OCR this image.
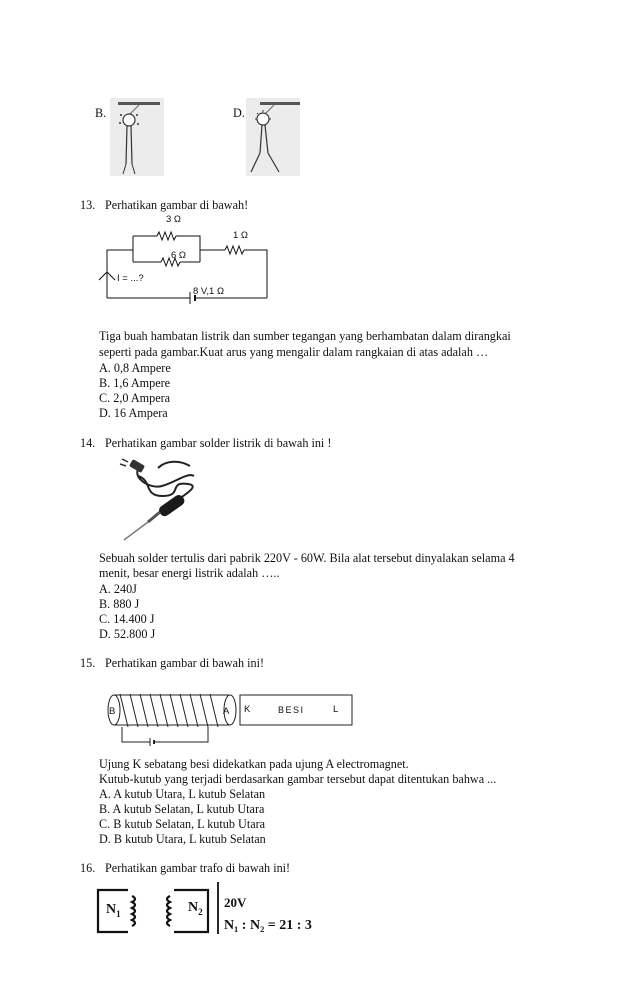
B.	D.
13. Perhatikan gambar di bawah!
3 Ω
6 Ω
1 Ω
I = ...?
8 V,1 Ω
Tiga buah hambatan listrik dan sumber tegangan yang berhambatan dalam dirangkai
seperti pada gambar.Kuat arus yang mengalir dalam rangkaian di atas adalah …
A. 0,8 Ampere
B. 1,6 Ampere
C. 2,0 Ampera
D. 16 Ampera
14. Perhatikan gambar solder listrik di bawah ini !
Sebuah solder tertulis dari pabrik 220V - 60W. Bila alat tersebut dinyalakan selama 4
menit, besar energi listrik adalah …..
A. 240J
B. 880 J
C. 14.400 J
D. 52.800 J
15. Perhatikan gambar di bawah ini!
B	A K	BESI	L
Ujung K sebatang besi didekatkan pada ujung A electromagnet.
Kutub-kutub yang terjadi berdasarkan gambar tersebut dapat ditentukan bahwa ...
A. A kutub Utara, L kutub Selatan
B. A kutub Selatan, L kutub Utara
C. B kutub Selatan, L kutub Utara
D. B kutub Utara, L kutub Selatan
16. Perhatikan gambar trafo di bawah ini!
$N_1$	$N_2$
20V
N₁ : N₂ = 21 : 3
